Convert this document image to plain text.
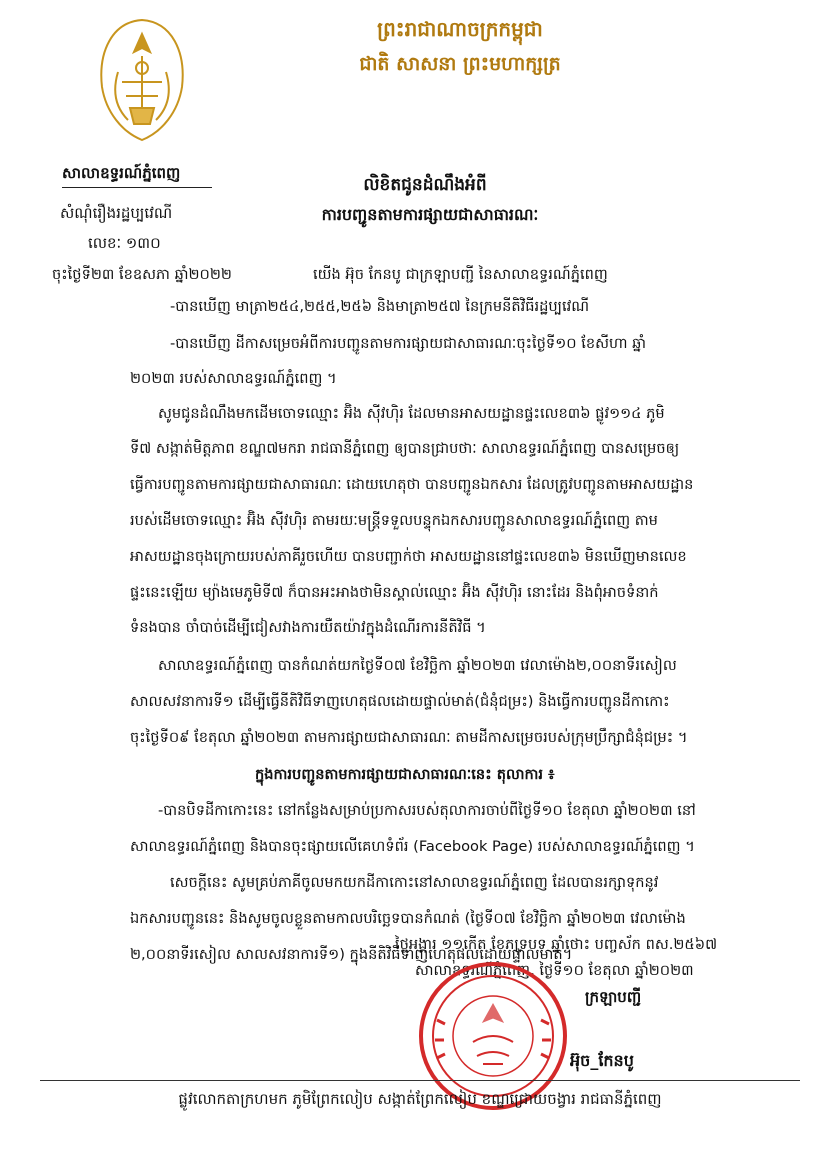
ព្រះរាជាណាចក្រកម្ពុជា
ជាតិ សាសនា ព្រះមហាក្សត្រ
សាលាឧទ្ធរណ៍ភ្នំពេញ
សំណុំរឿងរដ្ឋប្បវេណី
លេខៈ ១៣០
លិខិតជូនដំណឹងអំពី
ការបញ្ជូនតាមការផ្សាយជាសាធារណៈ
ចុះថ្ងៃទី២៣ ខែឧសភា ឆ្នាំ២០២២	យើង អ៊ុច កែនបូ ជាក្រឡាបញ្ជី នៃសាលាឧទ្ធរណ៍ភ្នំពេញ
-បានឃើញ មាត្រា២៥៤,២៥៥,២៥៦ និងមាត្រា២៥៧ នៃក្រមនីតិវិធីរដ្ឋប្បវេណី
-បានឃើញ ដីកាសម្រេចអំពីការបញ្ជូនតាមការផ្សាយជាសាធារណៈចុះថ្ងៃទី១០ ខែសីហា ឆ្នាំ
២០២៣ របស់សាលាឧទ្ធរណ៍ភ្នំពេញ ។
សូមជូនដំណឹងមកដើមចោទឈ្មោះ អ៊ិង ស៊ីវហ៊ិរ ដែលមានអាសយដ្ឋានផ្ទះលេខ៣៦ ផ្លូវ១១៤ ភូមិ
ទី៧ សង្កាត់មិត្តភាព ខណ្ឌ៧មករា រាជធានីភ្នំពេញ ឲ្យបានជ្រាបថាៈ សាលាឧទ្ធរណ៍ភ្នំពេញ បានសម្រេចឲ្យ
ធ្វើការបញ្ជូនតាមការផ្សាយជាសាធារណៈ ដោយហេតុថា បានបញ្ជូនឯកសារ ដែលត្រូវបញ្ជូនតាមអាសយដ្ឋាន
របស់ដើមចោទឈ្មោះ អ៊ិង ស៊ីវហ៊ិរ តាមរយៈមន្ត្រីទទួលបន្ទុកឯកសារបញ្ជូនសាលាឧទ្ធរណ៍ភ្នំពេញ តាម
អាសយដ្ឋានចុងក្រោយរបស់ភាគីរួចហើយ បានបញ្ជាក់ថា អាសយដ្ឋាននៅផ្ទះលេខ៣៦ មិនឃើញមានលេខ
ផ្ទះនេះឡើយ ម្យ៉ាងមេភូមិទី៧ ក៏បានអះអាងថាមិនស្គាល់ឈ្មោះ អ៊ិង ស៊ីវហ៊ិរ នោះដែរ និងពុំអាចទំនាក់
ទំនងបាន ចាំបាច់ដើម្បីជៀសវាងការយឺតយ៉ាវក្នុងដំណើរការនីតិវិធី ។
សាលាឧទ្ធរណ៍ភ្នំពេញ បានកំណត់យកថ្ងៃទី០៧ ខែវិច្ឆិកា ឆ្នាំ២០២៣ វេលាម៉ោង២,០០នាទីរសៀល
សាលសវនាការទី១ ដើម្បីធ្វើនីតិវិធីទាញហេតុផលដោយផ្ទាល់មាត់(ជំនុំជម្រះ) និងធ្វើការបញ្ជូនដីកាកោះ
ចុះថ្ងៃទី០៩ ខែតុលា ឆ្នាំ២០២៣ តាមការផ្សាយជាសាធារណៈ តាមដីកាសម្រេចរបស់ក្រុមប្រឹក្សាជំនុំជម្រះ ។
ក្នុងការបញ្ជូនតាមការផ្សាយជាសាធារណៈនេះ តុលាការ ៖
-បានបិទដីកាកោះនេះ នៅកន្លែងសម្រាប់ប្រកាសរបស់តុលាការចាប់ពីថ្ងៃទី១០ ខែតុលា ឆ្នាំ២០២៣ នៅ
សាលាឧទ្ធរណ៍ភ្នំពេញ និងបានចុះផ្សាយលើគេហទំព័រ (Facebook Page) របស់សាលាឧទ្ធរណ៍ភ្នំពេញ ។
សេចក្តីនេះ សូមគ្រប់ភាគីចូលមកយកដីកាកោះនៅសាលាឧទ្ធរណ៍ភ្នំពេញ ដែលបានរក្សាទុកនូវ
ឯកសារបញ្ជូននេះ និងសូមចូលខ្លួនតាមកាលបរិច្ឆេទបានកំណត់ (ថ្ងៃទី០៧ ខែវិច្ឆិកា ឆ្នាំ២០២៣ វេលាម៉ោង
២,០០នាទីរសៀល សាលសវនាការទី១) ក្នុងនីតិវិធីទាញហេតុផលដោយផ្ទាល់មាត់។
ថ្ងៃអង្គារ ១១កើត ខែភទ្របទ ឆ្នាំថោះ បញ្ចស័ក ពស.២៥៦៧
សាលាឧទ្ធរណ៍ភ្នំពេញ, ថ្ងៃទី១០ ខែតុលា ឆ្នាំ២០២៣
ក្រឡាបញ្ជី
អ៊ុច_កែនបូ
ផ្លូវលោកតាក្រហមក ភូមិព្រែកលៀប សង្កាត់ព្រែកលៀប ខណ្ឌជ្រោយចង្វារ រាជធានីភ្នំពេញ
